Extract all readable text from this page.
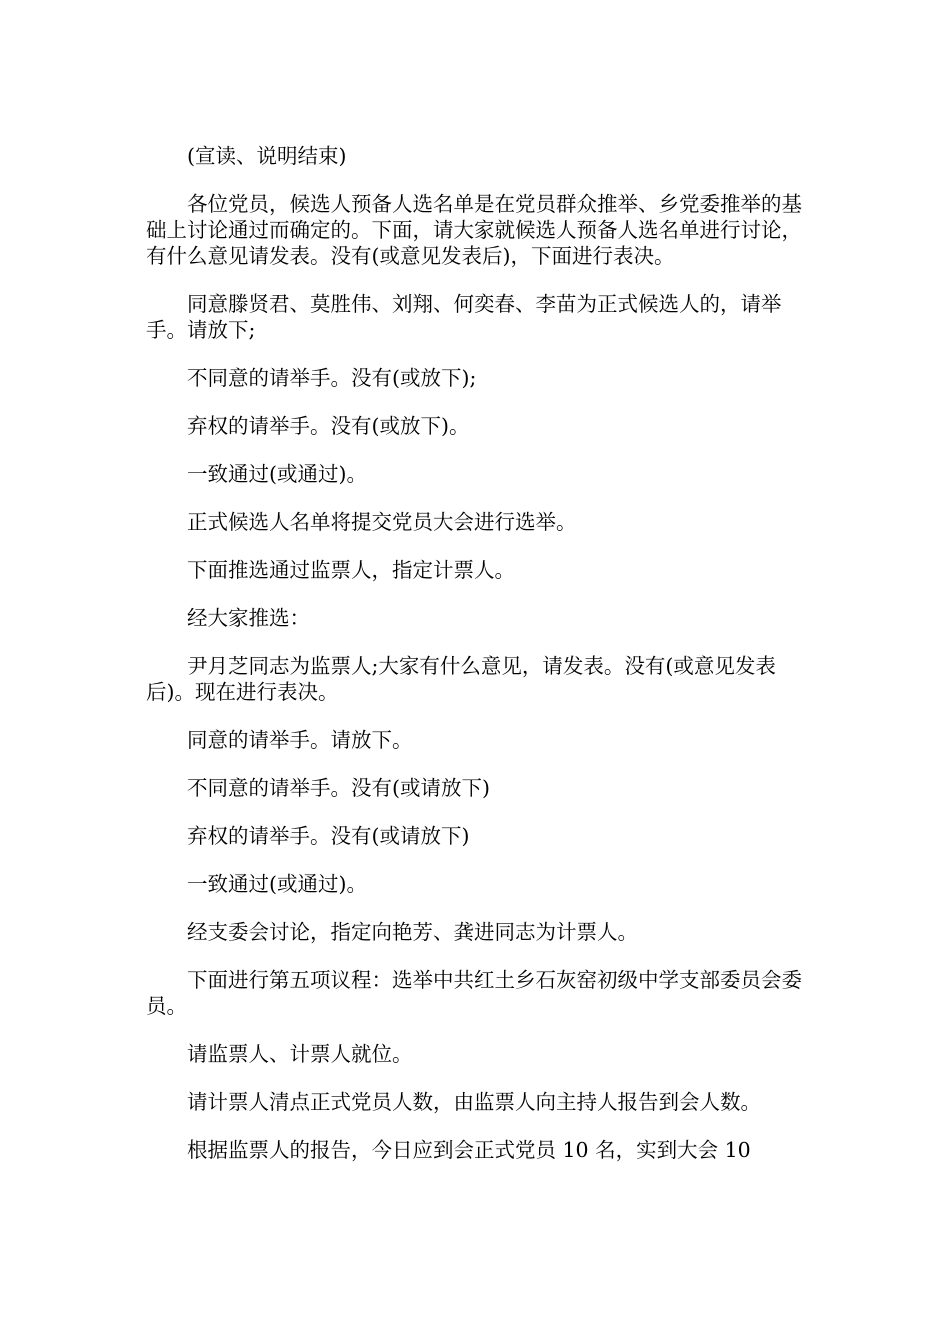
(宣读、说明结束)

各位党员，候选人预备人选名单是在党员群众推举、乡党委推举的基础上讨论通过而确定的。下面，请大家就候选人预备人选名单进行讨论，有什么意见请发表。没有(或意见发表后)，下面进行表决。

同意滕贤君、莫胜伟、刘翔、何奕春、李苗为正式候选人的，请举手。请放下;

不同意的请举手。没有(或放下);

弃权的请举手。没有(或放下)。

一致通过(或通过)。

正式候选人名单将提交党员大会进行选举。

下面推选通过监票人，指定计票人。

经大家推选：

尹月芝同志为监票人;大家有什么意见，请发表。没有(或意见发表后)。现在进行表决。

同意的请举手。请放下。

不同意的请举手。没有(或请放下)

弃权的请举手。没有(或请放下)

一致通过(或通过)。

经支委会讨论，指定向艳芳、龚进同志为计票人。

下面进行第五项议程：选举中共红土乡石灰窑初级中学支部委员会委员。

请监票人、计票人就位。

请计票人清点正式党员人数，由监票人向主持人报告到会人数。

根据监票人的报告，今日应到会正式党员 10 名，实到大会 10
